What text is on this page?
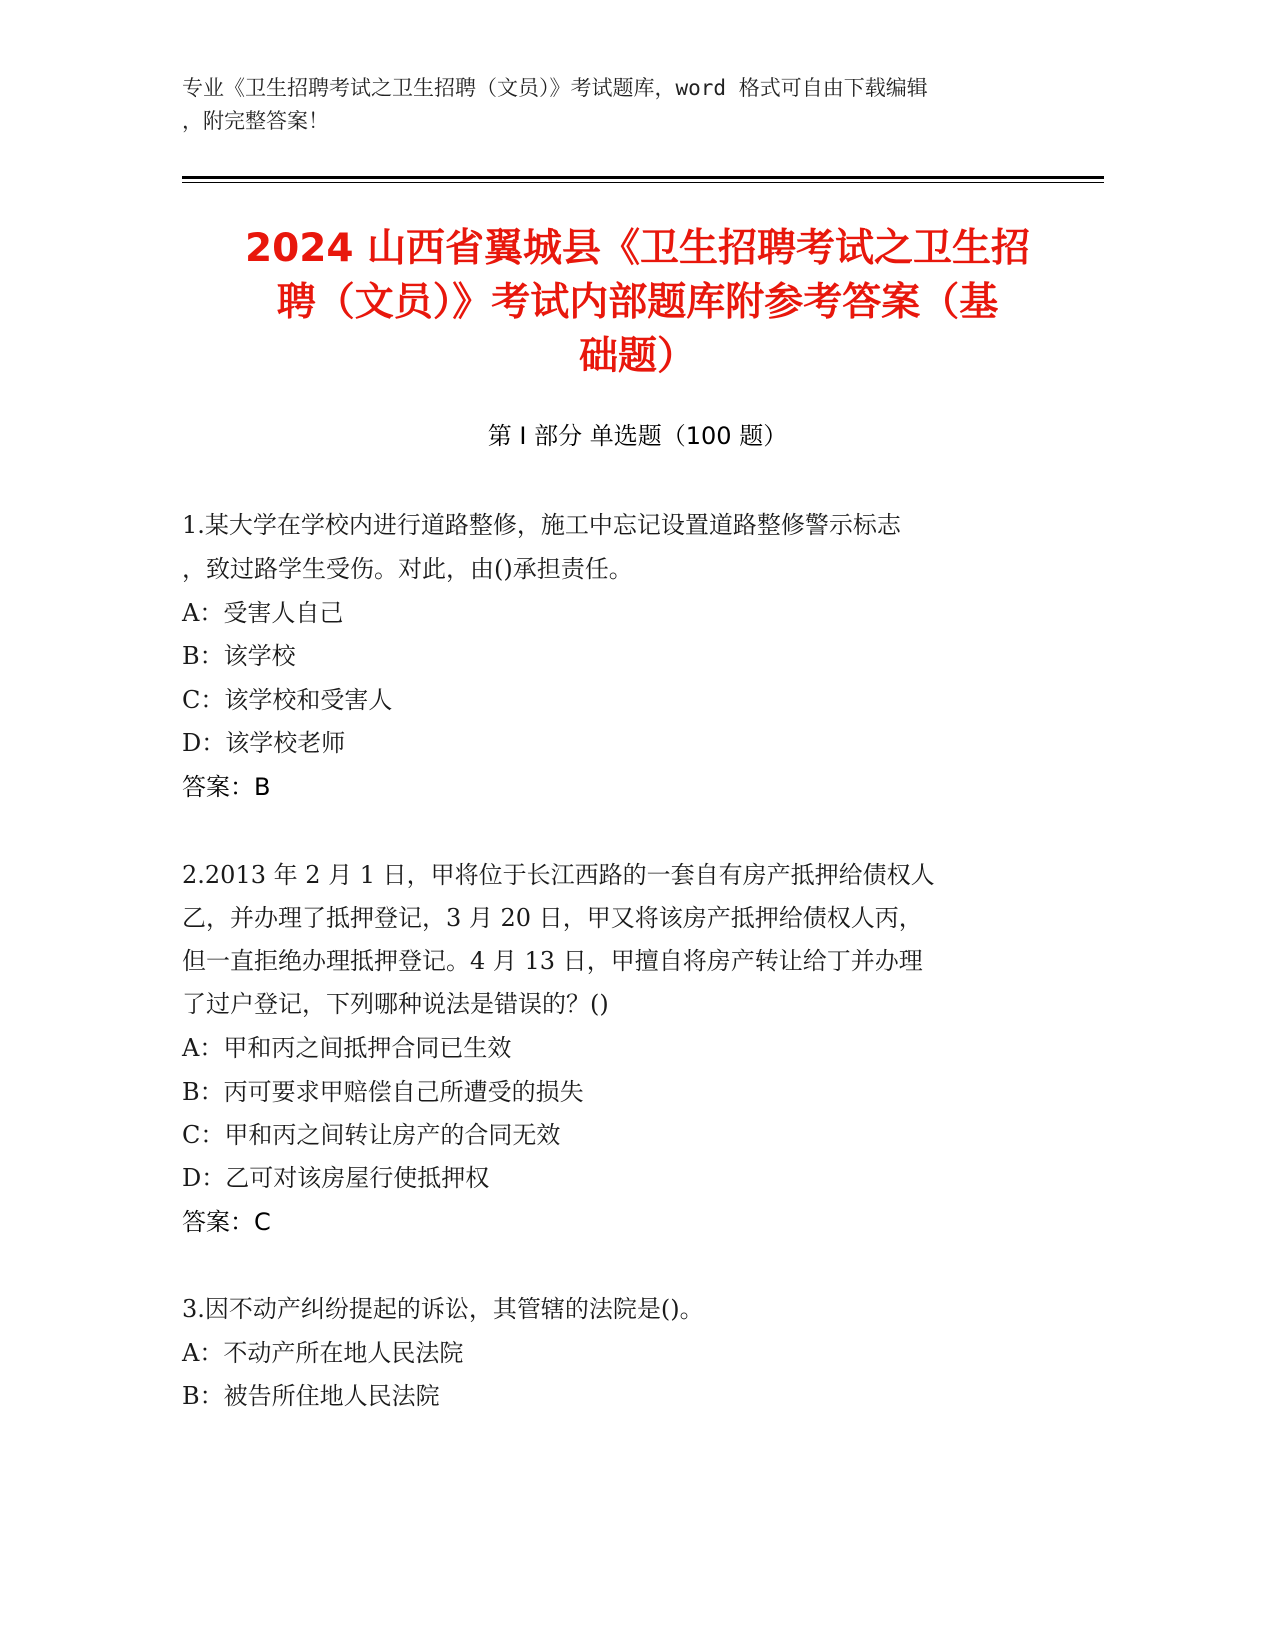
专业《卫生招聘考试之卫生招聘（文员）》考试题库，word 格式可自由下载编辑
，附完整答案！
2024 山西省翼城县《卫生招聘考试之卫生招
聘（文员）》考试内部题库附参考答案（基
础题）
第 I 部分 单选题（100 题）
1.某大学在学校内进行道路整修，施工中忘记设置道路整修警示标志
，致过路学生受伤。对此，由()承担责任。
A：受害人自己
B：该学校
C：该学校和受害人
D：该学校老师
答案：B
2.2013 年 2 月 1 日，甲将位于长江西路的一套自有房产抵押给债权人
乙，并办理了抵押登记，3 月 20 日，甲又将该房产抵押给债权人丙，
但一直拒绝办理抵押登记。4 月 13 日，甲擅自将房产转让给丁并办理
了过户登记，下列哪种说法是错误的？()
A：甲和丙之间抵押合同已生效
B：丙可要求甲赔偿自己所遭受的损失
C：甲和丙之间转让房产的合同无效
D：乙可对该房屋行使抵押权
答案：C
3.因不动产纠纷提起的诉讼，其管辖的法院是()。
A：不动产所在地人民法院
B：被告所住地人民法院
